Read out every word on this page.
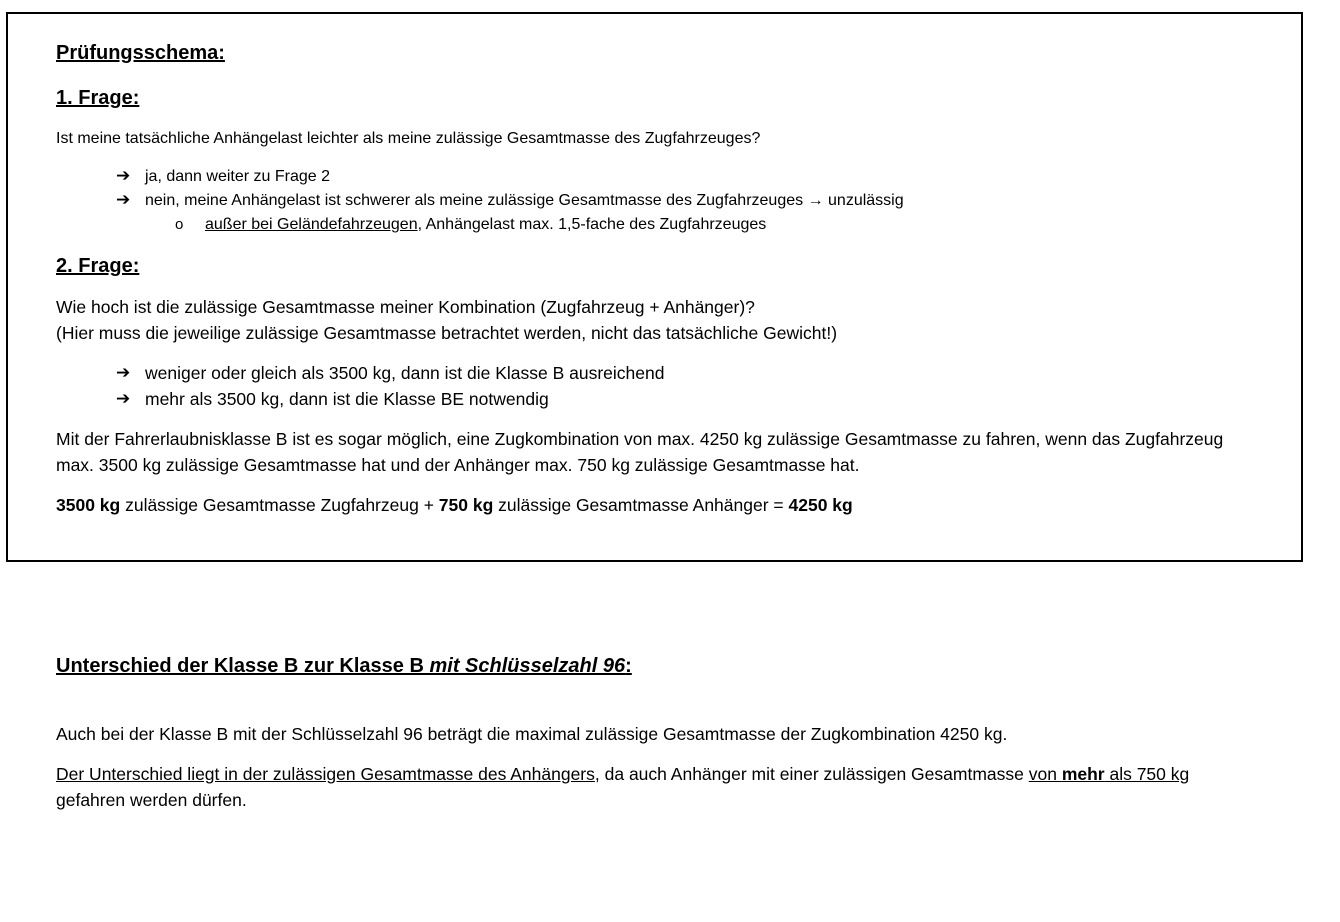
Prüfungsschema:
1. Frage:
Ist meine tatsächliche Anhängelast leichter als meine zulässige Gesamtmasse des Zugfahrzeuges?
➔ ja, dann weiter zu Frage 2
➔ nein, meine Anhängelast ist schwerer als meine zulässige Gesamtmasse des Zugfahrzeuges → unzulässig
o außer bei Geländefahrzeugen, Anhängelast max. 1,5-fache des Zugfahrzeuges
2. Frage:
Wie hoch ist die zulässige Gesamtmasse meiner Kombination (Zugfahrzeug + Anhänger)?
(Hier muss die jeweilige zulässige Gesamtmasse betrachtet werden, nicht das tatsächliche Gewicht!)
➔ weniger oder gleich als 3500 kg, dann ist die Klasse B ausreichend
➔ mehr als 3500 kg, dann ist die Klasse BE notwendig
Mit der Fahrerlaubnisklasse B ist es sogar möglich, eine Zugkombination von max. 4250 kg zulässige Gesamtmasse zu fahren, wenn das Zugfahrzeug
max. 3500 kg zulässige Gesamtmasse hat und der Anhänger max. 750 kg zulässige Gesamtmasse hat.
3500 kg zulässige Gesamtmasse Zugfahrzeug + 750 kg zulässige Gesamtmasse Anhänger = 4250 kg
Unterschied der Klasse B zur Klasse B mit Schlüsselzahl 96:
Auch bei der Klasse B mit der Schlüsselzahl 96 beträgt die maximal zulässige Gesamtmasse der Zugkombination 4250 kg.
Der Unterschied liegt in der zulässigen Gesamtmasse des Anhängers, da auch Anhänger mit einer zulässigen Gesamtmasse von mehr als 750 kg
gefahren werden dürfen.
